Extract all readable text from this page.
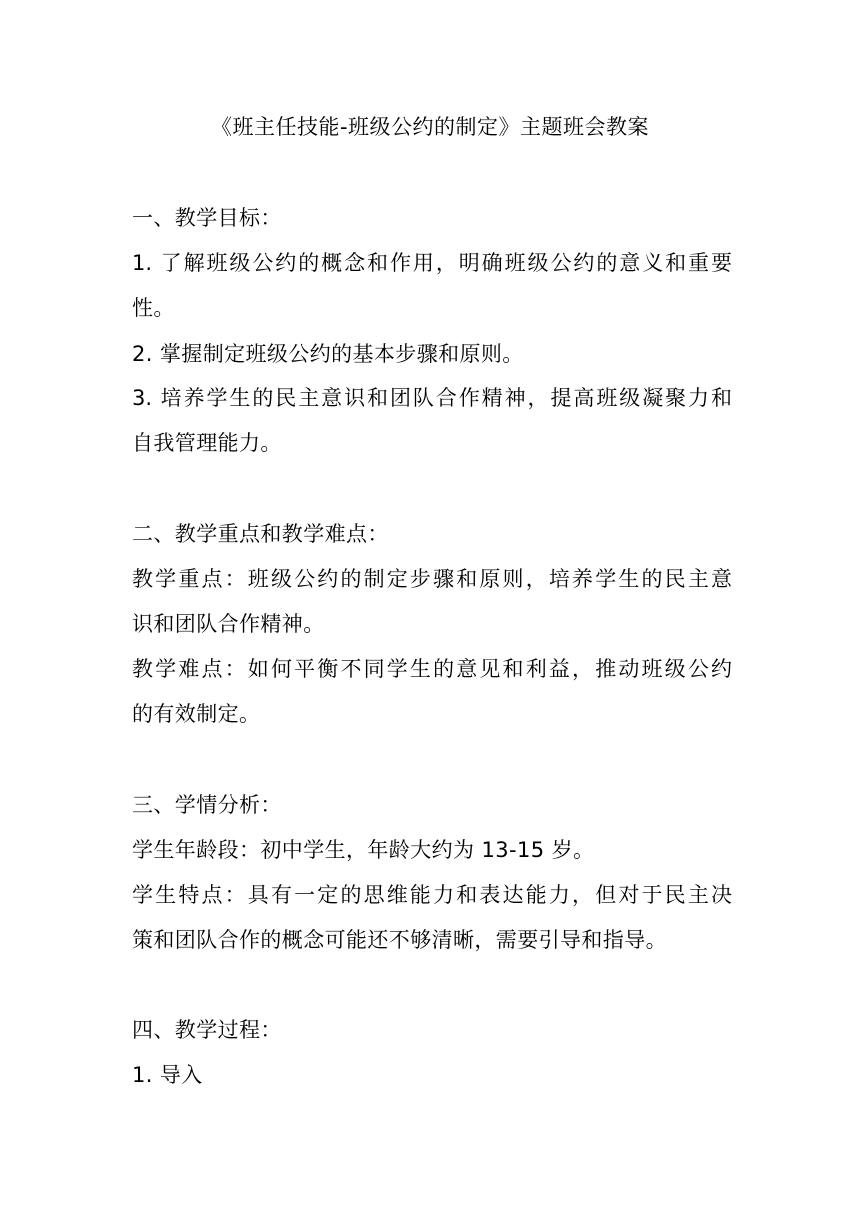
《班主任技能-班级公约的制定》主题班会教案
一、教学目标：
1. 了解班级公约的概念和作用，明确班级公约的意义和重要
性。
2. 掌握制定班级公约的基本步骤和原则。
3. 培养学生的民主意识和团队合作精神，提高班级凝聚力和
自我管理能力。
二、教学重点和教学难点：
教学重点：班级公约的制定步骤和原则，培养学生的民主意
识和团队合作精神。
教学难点：如何平衡不同学生的意见和利益，推动班级公约
的有效制定。
三、学情分析：
学生年龄段：初中学生，年龄大约为 13-15 岁。
学生特点：具有一定的思维能力和表达能力，但对于民主决
策和团队合作的概念可能还不够清晰，需要引导和指导。
四、教学过程：
1. 导入
